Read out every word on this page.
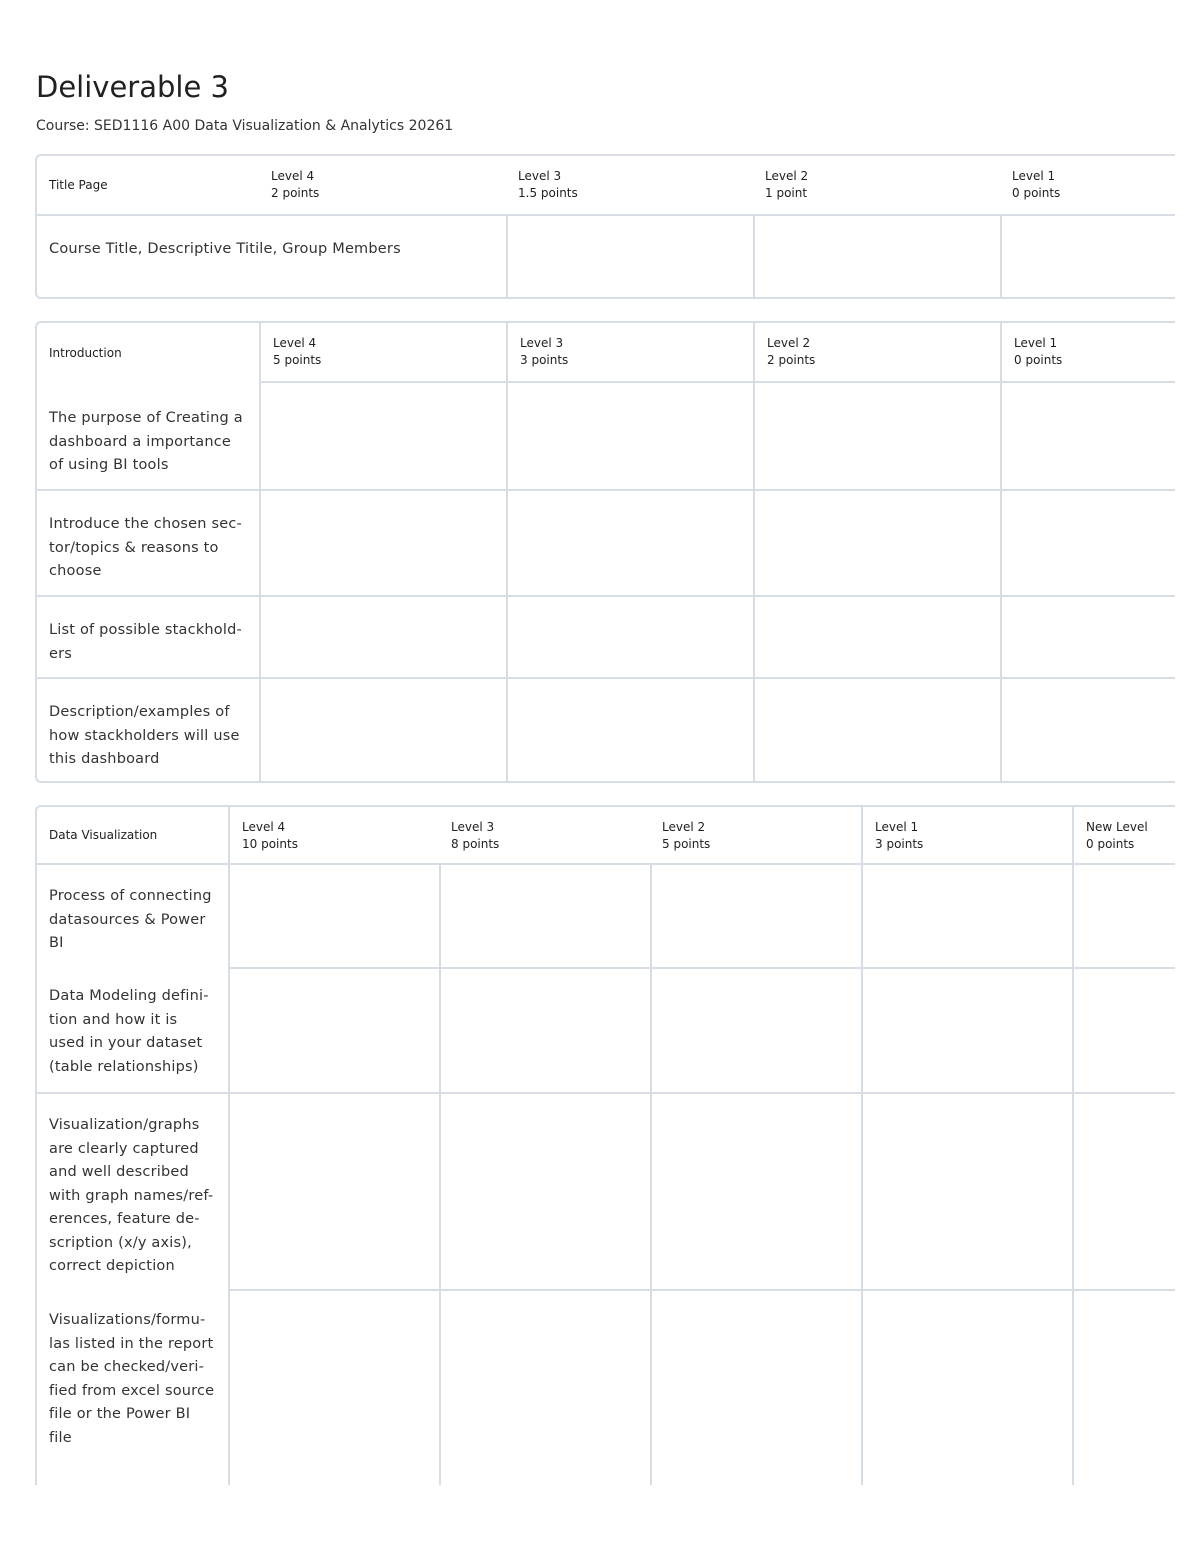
Deliverable 3

Course: SED1116 A00 Data Visualization & Analytics 20261

Title Page
Level 4
2 points
Level 3
1.5 points
Level 2
1 point
Level 1
0 points
Course Title, Descriptive Titile, Group Members
Introduction
Level 4
5 points
Level 3
3 points
Level 2
2 points
Level 1
0 points
The purpose of Creating a dashboard a importance of using BI tools
Introduce the chosen sec-tor/topics & reasons to choose
List of possible stackhold-ers
Description/examples of how stackholders will use this dashboard
Data Visualization
Level 4
10 points
Level 3
8 points
Level 2
5 points
Level 1
3 points
New Level
0 points
Process of connecting datasources & Power BI
Data Modeling defini-tion and how it is used in your dataset (table relationships)
Visualization/graphs are clearly captured and well described with graph names/ref-erences, feature de-scription (x/y axis), correct depiction
Visualizations/formu-las listed in the report can be checked/veri-fied from excel source file or the Power BI file
